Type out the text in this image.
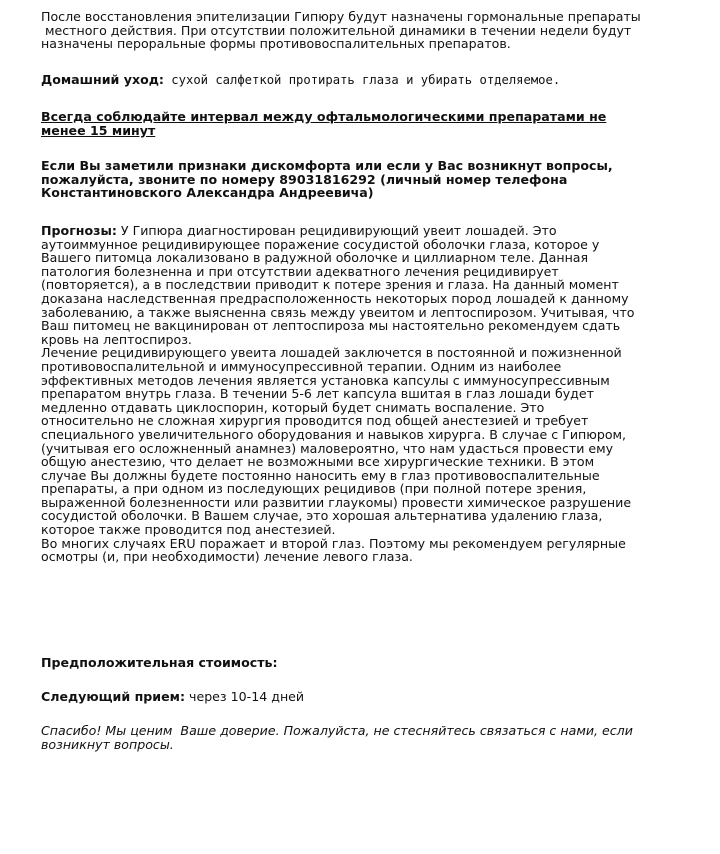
После восстановления эпителизации Гипюру будут назначены гормональные препараты
местного действия. При отсутствии положительной динамики в течении недели будут
назначены пероральные формы противовоспалительных препаратов.

Домашний уход: сухой салфеткой протирать глаза и убирать отделяемое.

Всегда соблюдайте интервал между офтальмологическими препаратами не
менее 15 минут

Если Вы заметили признаки дискомфорта или если у Вас возникнут вопросы,
пожалуйста, звоните по номеру 89031816292 (личный номер телефона
Константиновского Александра Андреевича)

Прогнозы: У Гипюра диагностирован рецидивирующий увеит лошадей. Это
аутоиммунное рецидивирующее поражение сосудистой оболочки глаза, которое у
Вашего питомца локализовано в радужной оболочке и циллиарном теле. Данная
патология болезненна и при отсутствии адекватного лечения рецидивирует
(повторяется), а в последствии приводит к потере зрения и глаза. На данный момент
доказана наследственная предрасположенность некоторых пород лошадей к данному
заболеванию, а также выясненна связь между увеитом и лептоспирозом. Учитывая, что
Ваш питомец не вакцинирован от лептоспироза мы настоятельно рекомендуем сдать
кровь на лептоспироз.
Лечение рецидивирующего увеита лошадей заключется в постоянной и пожизненной
противовоспалительной и иммуносупрессивной терапии. Одним из наиболее
эффективных методов лечения является установка капсулы с иммуносупрессивным
препаратом внутрь глаза. В течении 5-6 лет капсула вшитая в глаз лошади будет
медленно отдавать циклоспорин, который будет снимать воспаление. Это
относительно не сложная хирургия проводится под общей анестезией и требует
специального увеличительного оборудования и навыков хирурга. В случае с Гипюром,
(учитывая его осложненный анамнез) маловероятно, что нам удасться провести ему
общую анестезию, что делает не возможными все хирургические техники. В этом
случае Вы должны будете постоянно наносить ему в глаз противовоспалительные
препараты, а при одном из последующих рецидивов (при полной потере зрения,
выраженной болезненности или развитии глаукомы) провести химическое разрушение
сосудистой оболочки. В Вашем случае, это хорошая альтернатива удалению глаза,
которое также проводится под анестезией.
Во многих случаях ERU поражает и второй глаз. Поэтому мы рекомендуем регулярные
осмотры (и, при необходимости) лечение левого глаза.

Предположительная стоимость:

Следующий прием: через 10-14 дней

Спасибо! Мы ценим  Ваше доверие. Пожалуйста, не стесняйтесь связаться с нами, если
возникнут вопросы.
